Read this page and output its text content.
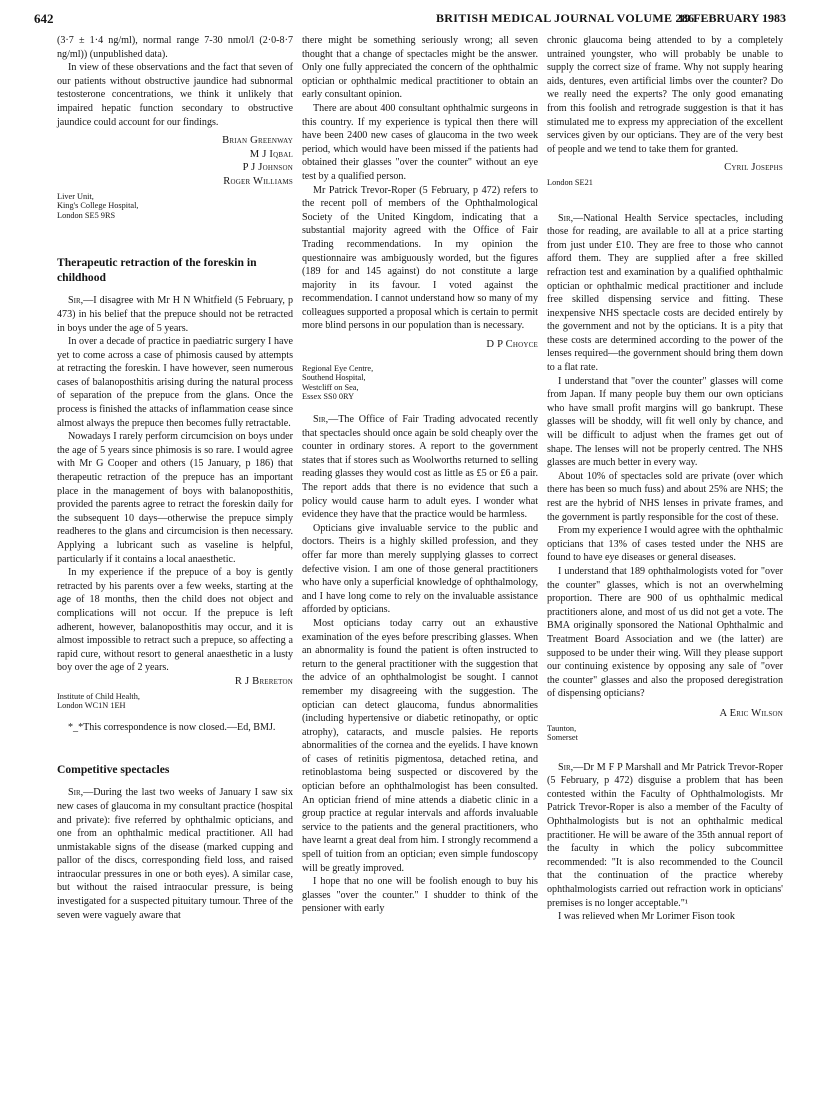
642	BRITISH MEDICAL JOURNAL VOLUME 286
19 FEBRUARY 1983

(3·7 ± 1·4 ng/ml), normal range 7-30 nmol/l (2·0-8·7 ng/ml)) (unpublished data).

In view of these observations and the fact that seven of our patients without obstructive jaundice had subnormal testosterone concentrations, we think it unlikely that impaired hepatic function secondary to obstructive jaundice could account for our findings.

Brian Greenway
M J Iqbal
P J Johnson
Roger Williams
Liver Unit,
King's College Hospital,
London SE5 9RS
Therapeutic retraction of the foreskin in childhood

Sir,—I disagree with Mr H N Whitfield (5 February, p 473) in his belief that the prepuce should not be retracted in boys under the age of 5 years.

In over a decade of practice in paediatric surgery I have yet to come across a case of phimosis caused by attempts at retracting the foreskin. I have however, seen numerous cases of balanoposthitis arising during the natural process of separation of the prepuce from the glans. Once the process is finished the attacks of inflammation cease since almost always the prepuce then becomes fully retractable.

Nowadays I rarely perform circumcision on boys under the age of 5 years since phimosis is so rare. I would agree with Mr G Cooper and others (15 January, p 186) that therapeutic retraction of the prepuce has an important place in the management of boys with balanoposthitis, provided the parents agree to retract the foreskin daily for the subsequent 10 days—otherwise the prepuce simply readheres to the glans and circumcision is then necessary. Applying a lubricant such as vaseline is helpful, particularly if it contains a local anaesthetic.

In my experience if the prepuce of a boy is gently retracted by his parents over a few weeks, starting at the age of 18 months, then the child does not object and complications will not occur. If the prepuce is left adherent, however, balanoposthitis may occur, and it is almost impossible to retract such a prepuce, so affecting a rapid cure, without resort to general anaesthetic in a lusty boy over the age of 2 years.

R J Brereton
Institute of Child Health,
London WC1N 1EH

*_*This correspondence is now closed.—Ed, BMJ.

Competitive spectacles

Sir,—During the last two weeks of January I saw six new cases of glaucoma in my consultant practice (hospital and private): five referred by ophthalmic opticians, and one from an ophthalmic medical practitioner. All had unmistakable signs of the disease (marked cupping and pallor of the discs, corresponding field loss, and raised intraocular pressures in one or both eyes). A similar case, but without the raised intraocular pressure, is being investigated for a suspected pituitary tumour. Three of the seven were vaguely aware that

there might be something seriously wrong; all seven thought that a change of spectacles might be the answer. Only one fully appreciated the concern of the ophthalmic optician or ophthalmic medical practitioner to obtain an early consultant opinion.

There are about 400 consultant ophthalmic surgeons in this country. If my experience is typical then there will have been 2400 new cases of glaucoma in the two week period, which would have been missed if the patients had obtained their glasses "over the counter" without an eye test by a qualified person.

Mr Patrick Trevor-Roper (5 February, p 472) refers to the recent poll of members of the Ophthalmological Society of the United Kingdom, indicating that a substantial majority agreed with the Office of Fair Trading recommendations. In my opinion the questionnaire was ambiguously worded, but the figures (189 for and 145 against) do not constitute a large majority in its favour. I voted against the recommendation. I cannot understand how so many of my colleagues supported a proposal which is certain to permit more blind persons in our population than is necessary.

D P Choyce
Regional Eye Centre,
Southend Hospital,
Westcliff on Sea,
Essex SS0 0RY

Sir,—The Office of Fair Trading advocated recently that spectacles should once again be sold cheaply over the counter in ordinary stores. A report to the government states that if stores such as Woolworths returned to selling reading glasses they would cost as little as £5 or £6 a pair. The report adds that there is no evidence that such a policy would cause harm to adult eyes. I wonder what evidence they have that the practice would be harmless.

Opticians give invaluable service to the public and doctors. Theirs is a highly skilled profession, and they offer far more than merely supplying glasses to correct defective vision. I am one of those general practitioners who have only a superficial knowledge of ophthalmology, and I have long come to rely on the invaluable assistance afforded by opticians.

Most opticians today carry out an exhaustive examination of the eyes before prescribing glasses. When an abnormality is found the patient is often instructed to return to the general practitioner with the suggestion that the advice of an ophthalmologist be sought. I cannot remember my disagreeing with the suggestion. The optician can detect glaucoma, fundus abnormalities (including hypertensive or diabetic retinopathy, or optic atrophy), cataracts, and muscle palsies. He reports abnormalities of the cornea and the eyelids. I have known of cases of retinitis pigmentosa, detached retina, and retinoblastoma being suspected or discovered by the optician before an ophthalmologist has been consulted. An optician friend of mine attends a diabetic clinic in a group practice at regular intervals and affords invaluable service to the patients and the general practitioners, who have learnt a great deal from him. I strongly recommend a spell of tuition from an optician; even simple fundoscopy will be greatly improved.

I hope that no one will be foolish enough to buy his glasses "over the counter." I shudder to think of the pensioner with early

chronic glaucoma being attended to by a completely untrained youngster, who will probably be unable to supply the correct size of frame. Why not supply hearing aids, dentures, even artificial limbs over the counter? Do we really need the experts? The only good emanating from this foolish and retrograde suggestion is that it has stimulated me to express my appreciation of the excellent services given by our opticians. They are of the very best of people and we tend to take them for granted.

Cyril Josephs
London SE21

Sir,—National Health Service spectacles, including those for reading, are available to all at a price starting from just under £10. They are free to those who cannot afford them. They are supplied after a free skilled refraction test and examination by a qualified ophthalmic optician or ophthalmic medical practitioner and include free skilled dispensing service and fitting. These inexpensive NHS spectacle costs are decided entirely by the government and not by the opticians. It is a pity that these costs are determined according to the power of the lenses required—the government should bring them down to a flat rate.

I understand that "over the counter" glasses will come from Japan. If many people buy them our own opticians who have small profit margins will go bankrupt. These glasses will be shoddy, will fit well only by chance, and will be difficult to adjust when the frames get out of shape. The lenses will not be properly centred. The NHS glasses are much better in every way.

About 10% of spectacles sold are private (over which there has been so much fuss) and about 25% are NHS; the rest are the hybrid of NHS lenses in private frames, and the government is partly responsible for the cost of these.

From my experience I would agree with the ophthalmic opticians that 13% of cases tested under the NHS are found to have eye diseases or general diseases.

I understand that 189 ophthalmologists voted for "over the counter" glasses, which is not an overwhelming proportion. There are 900 of us ophthalmic medical practitioners alone, and most of us did not get a vote. The BMA originally sponsored the National Ophthalmic and Treatment Board Association and we (the latter) are supposed to be under their wing. Will they please support our continuing existence by opposing any sale of "over the counter" glasses and also the proposed deregistration of dispensing opticians?

A Eric Wilson
Taunton,
Somerset

Sir,—Dr M F P Marshall and Mr Patrick Trevor-Roper (5 February, p 472) disguise a problem that has been contested within the Faculty of Ophthalmologists. Mr Patrick Trevor-Roper is also a member of the Faculty of Ophthalmologists but is not an ophthalmic medical practitioner. He will be aware of the 35th annual report of the faculty in which the policy subcommittee recommended: "It is also recommended to the Council that the continuation of the practice whereby ophthalmologists carried out refraction work in opticians' premises is no longer acceptable."¹

I was relieved when Mr Lorimer Fison took
